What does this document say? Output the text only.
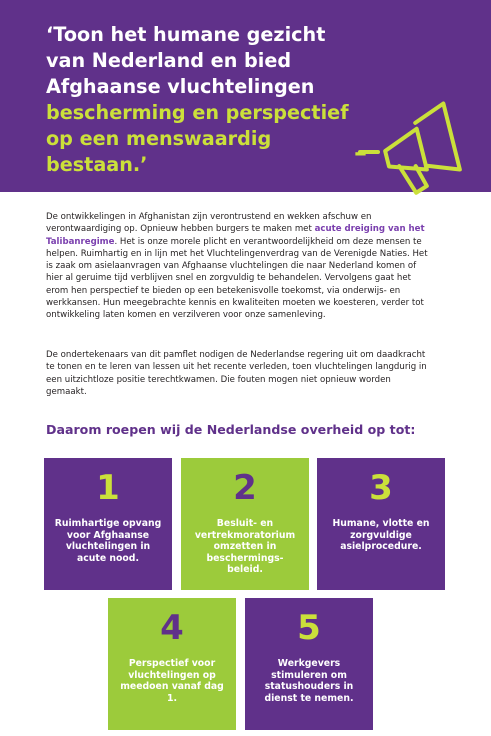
‘Toon het humane gezicht van Nederland en bied Afghaanse vluchtelingen bescherming en perspectief op een menswaardig bestaan.’	–

De ontwikkelingen in Afghanistan zijn verontrustend en wekken afschuw en verontwaardiging op. Opnieuw hebben burgers te maken met acute dreiging van het Talibanregime. Het is onze morele plicht en verantwoordelijkheid om deze mensen te helpen. Ruimhartig en in lijn met het Vluchtelingenverdrag van de Verenigde Naties. Het is zaak om asielaanvragen van Afghaanse vluchtelingen die naar Nederland komen of hier al geruime tijd verblijven snel en zorgvuldig te behandelen. Vervolgens gaat het erom hen perspectief te bieden op een betekenisvolle toekomst, via onderwijs- en werkkansen. Hun meegebrachte kennis en kwaliteiten moeten we koesteren, verder tot ontwikkeling laten komen en verzilveren voor onze samenleving.

De ondertekenaars van dit pamflet nodigen de Nederlandse regering uit om daadkracht te tonen en te leren van lessen uit het recente verleden, toen vluchtelingen langdurig in een uitzichtloze positie terechtkwamen. Die fouten mogen niet opnieuw worden gemaakt.

Daarom roepen wij de Nederlandse overheid op tot:
1
Ruimhartige opvang voor Afghaanse vluchtelingen in acute nood.
2
Besluit- en vertrekmoratorium omzetten in beschermings-beleid.
3
Humane, vlotte en zorgvuldige asielprocedure.
4
Perspectief voor vluchtelingen op meedoen vanaf dag 1.
5
Werkgevers stimuleren om statushouders in dienst te nemen.
